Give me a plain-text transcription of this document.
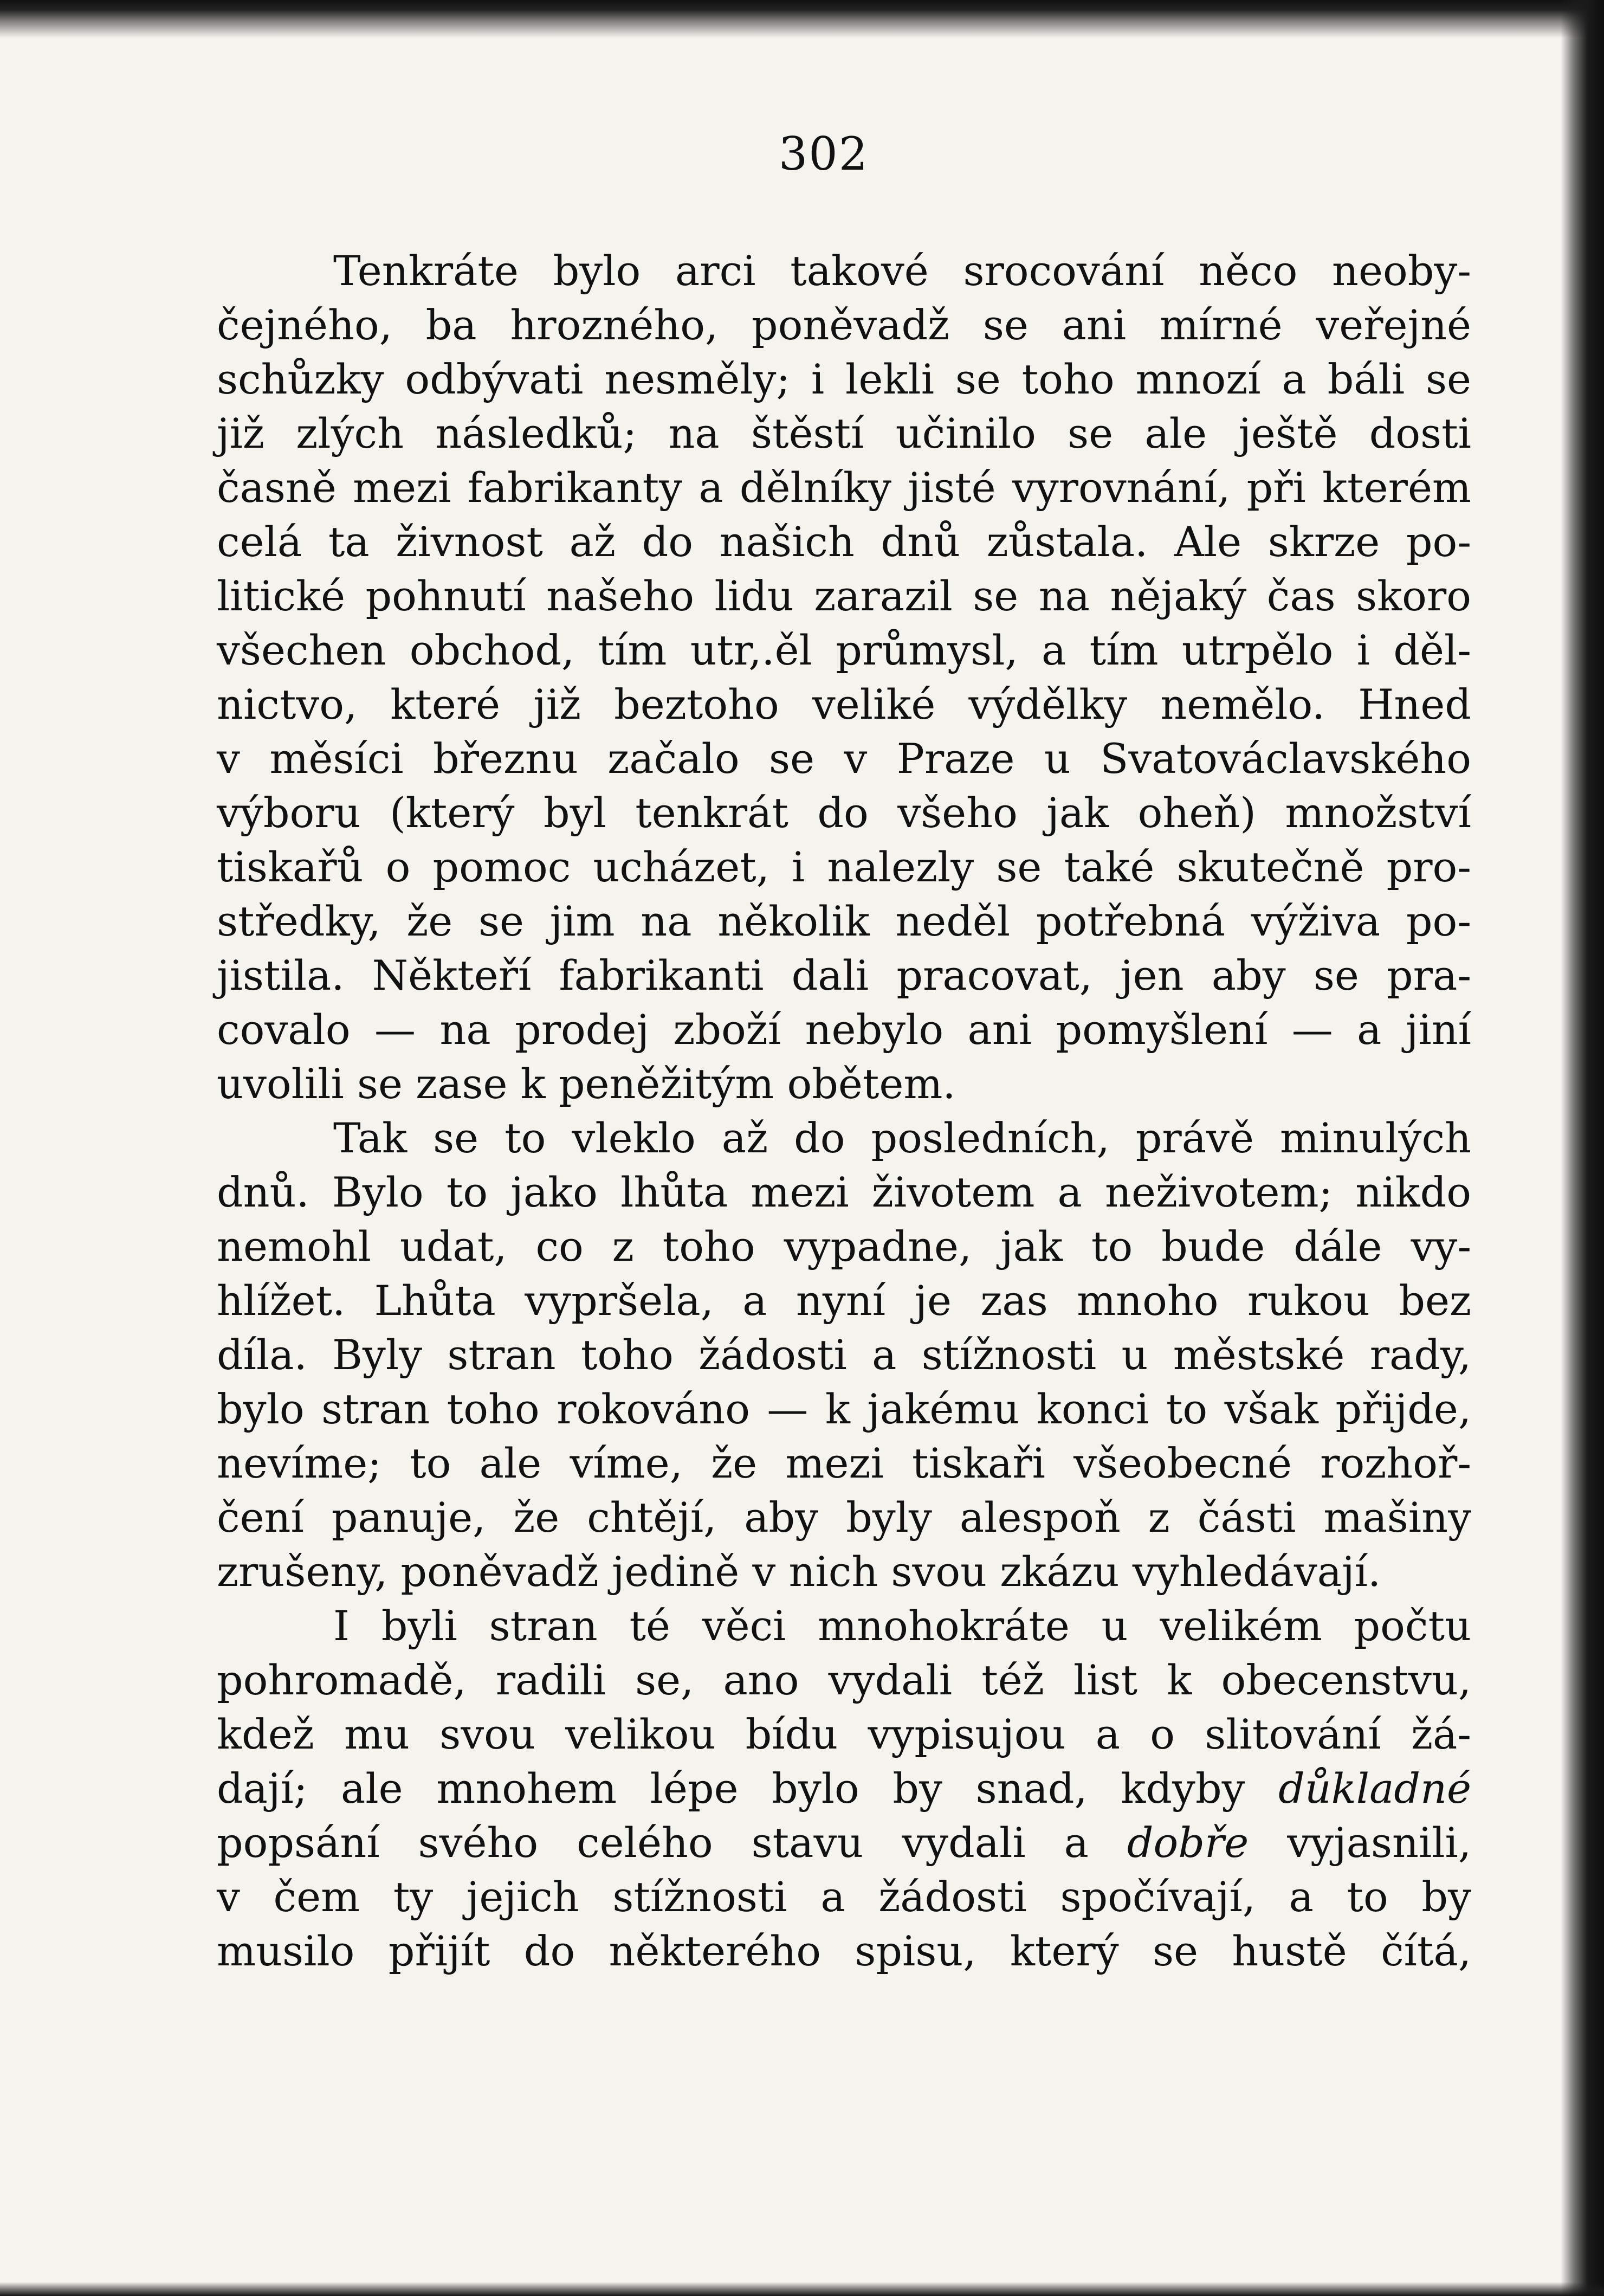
302
Tenkráte bylo arci takové srocování něco neoby-
čejného, ba hrozného, poněvadž se ani mírné veřejné
schůzky odbývati nesměly; i lekli se toho mnozí a báli se
již zlých následků; na štěstí učinilo se ale ještě dosti
časně mezi fabrikanty a dělníky jisté vyrovnání, při kterém
celá ta živnost až do našich dnů zůstala. Ale skrze po-
litické pohnutí našeho lidu zarazil se na nějaký čas skoro
všechen obchod, tím utr,.ěl průmysl, a tím utrpělo i děl-
nictvo, které již beztoho veliké výdělky nemělo. Hned
v měsíci březnu začalo se v Praze u Svatováclavského
výboru (který byl tenkrát do všeho jak oheň) množství
tiskařů o pomoc ucházet, i nalezly se také skutečně pro-
středky, že se jim na několik neděl potřebná výživa po-
jistila. Někteří fabrikanti dali pracovat, jen aby se pra-
covalo — na prodej zboží nebylo ani pomyšlení — a jiní
uvolili se zase k peněžitým obětem.
Tak se to vleklo až do posledních, právě minulých
dnů. Bylo to jako lhůta mezi životem a neživotem; nikdo
nemohl udat, co z toho vypadne, jak to bude dále vy-
hlížet. Lhůta vypršela, a nyní je zas mnoho rukou bez
díla. Byly stran toho žádosti a stížnosti u městské rady,
bylo stran toho rokováno — k jakému konci to však přijde,
nevíme; to ale víme, že mezi tiskaři všeobecné rozhoř-
čení panuje, že chtějí, aby byly alespoň z části mašiny
zrušeny, poněvadž jedině v nich svou zkázu vyhledávají.
I byli stran té věci mnohokráte u velikém počtu
pohromadě, radili se, ano vydali též list k obecenstvu,
kdež mu svou velikou bídu vypisujou a o slitování žá-
dají; ale mnohem lépe bylo by snad, kdyby důkladné
popsání svého celého stavu vydali a dobře vyjasnili,
v čem ty jejich stížnosti a žádosti spočívají, a to by
musilo přijít do některého spisu, který se hustě čítá,
